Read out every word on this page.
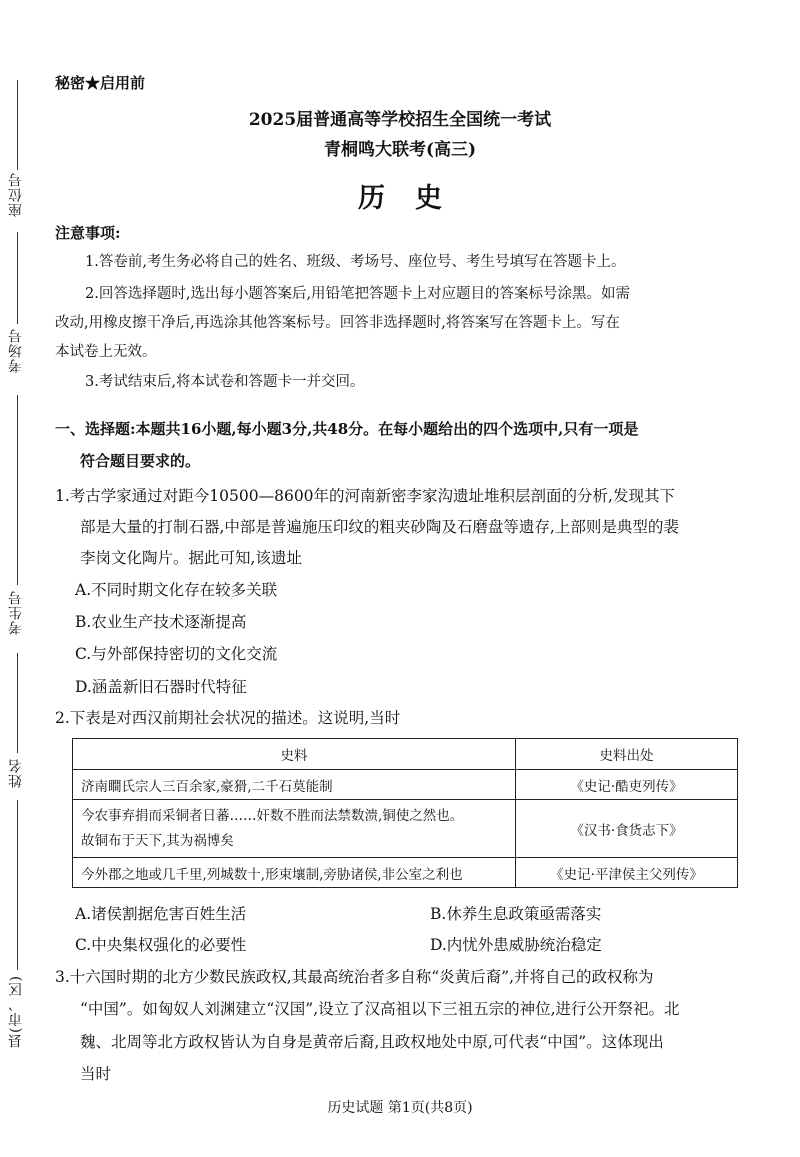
座位号
考场号
考生号
姓名
县(市、区)
秘密★启用前
2025届普通高等学校招生全国统一考试
青桐鸣大联考(高三)
历史
注意事项:
1.答卷前,考生务必将自己的姓名、班级、考场号、座位号、考生号填写在答题卡上。
2.回答选择题时,选出每小题答案后,用铅笔把答题卡上对应题目的答案标号涂黑。如需
改动,用橡皮擦干净后,再选涂其他答案标号。回答非选择题时,将答案写在答题卡上。写在
本试卷上无效。
3.考试结束后,将本试卷和答题卡一并交回。
一、选择题:本题共16小题,每小题3分,共48分。在每小题给出的四个选项中,只有一项是
符合题目要求的。
1.考古学家通过对距今10500—8600年的河南新密李家沟遗址堆积层剖面的分析,发现其下
部是大量的打制石器,中部是普遍施压印纹的粗夹砂陶及石磨盘等遗存,上部则是典型的裴
李岗文化陶片。据此可知,该遗址
A.不同时期文化存在较多关联
B.农业生产技术逐渐提高
C.与外部保持密切的文化交流
D.涵盖新旧石器时代特征
2.下表是对西汉前期社会状况的描述。这说明,当时
史料	史料出处
济南瞷氏宗人三百余家,豪猾,二千石莫能制	《史记·酷吏列传》

今农事弃捐而采铜者日蕃……奸数不胜而法禁数溃,铜使之然也。
故铜布于天下,其为祸博矣	《汉书·食货志下》
今外郡之地或几千里,列城数十,形束壤制,旁胁诸侯,非公室之利也	《史记·平津侯主父列传》
A.诸侯割据危害百姓生活	B.休养生息政策亟需落实
C.中央集权强化的必要性	D.内忧外患威胁统治稳定
3.十六国时期的北方少数民族政权,其最高统治者多自称“炎黄后裔”,并将自己的政权称为
“中国”。如匈奴人刘渊建立“汉国”,设立了汉高祖以下三祖五宗的神位,进行公开祭祀。北
魏、北周等北方政权皆认为自身是黄帝后裔,且政权地处中原,可代表“中国”。这体现出
当时
历史试题 第1页(共8页)
